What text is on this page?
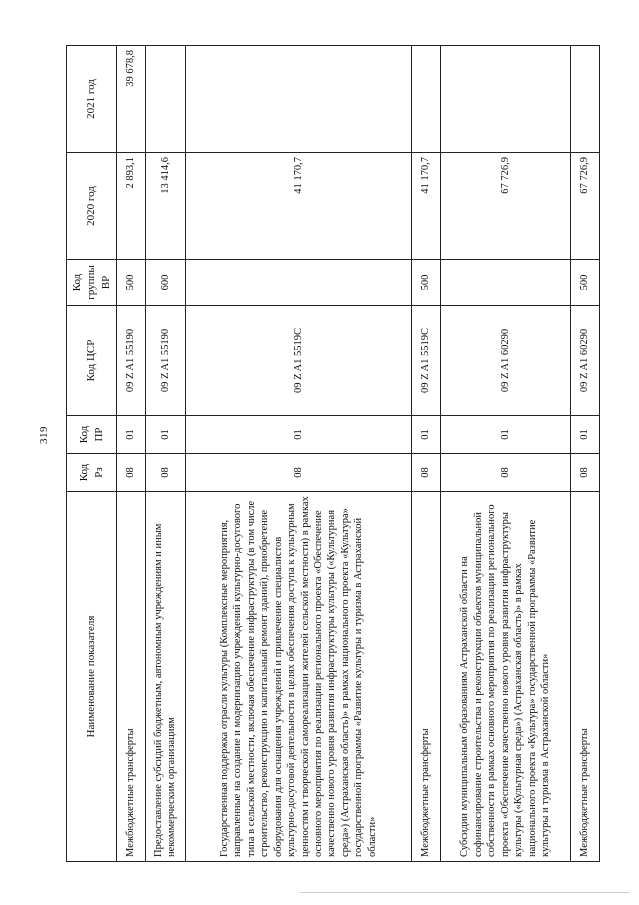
319
Наименование показателя	Код Рз	Код ПР	Код ЦСР	Код группы ВР	2020 год	2021 год
Межбюджетные трансферты	08	01	09 Z A1 55190	500	2 893,1	39 678,8
Предоставление субсидий бюджетным, автономным учреждениям и иным некоммерческим организациям	08	01	09 Z A1 55190	600	13 414,6	
Государственная поддержка отрасли культуры (Комплексные мероприятия, направленные на создание и модернизацию учреждений культурно-досугового типа в сельской местности, включая обеспечение инфраструктуры (в том числе строительство, реконструкцию и капитальный ремонт зданий), приобретение оборудования для оснащения учреждений и привлечение специалистов культурно-досуговой деятельности в целях обеспечения доступа к культурным ценностям и творческой самореализации жителей сельской местности) в рамках основного мероприятия по реализации регионального проекта «Обеспечение качественно нового уровня развития инфраструктуры культуры («Культурная среда») (Астраханская область)» в рамках национального проекта «Культура» государственной программы «Развитие культуры и туризма в Астраханской области»	08	01	09 Z A1 5519С		41 170,7	
Межбюджетные трансферты	08	01	09 Z A1 5519С	500	41 170,7	
Субсидии муниципальным образованиям Астраханской области на софинансирование строительства и реконструкции объектов муниципальной собственности в рамках основного мероприятия по реализации регионального проекта «Обеспечение качественно нового уровня развития инфраструктуры культуры («Культурная среда») (Астраханская область)» в рамках национального проекта «Культура» государственной программы «Развитие культуры и туризма в Астраханской области»	08	01	09 Z A1 60290		67 726,9	
Межбюджетные трансферты	08	01	09 Z A1 60290	500	67 726,9	
